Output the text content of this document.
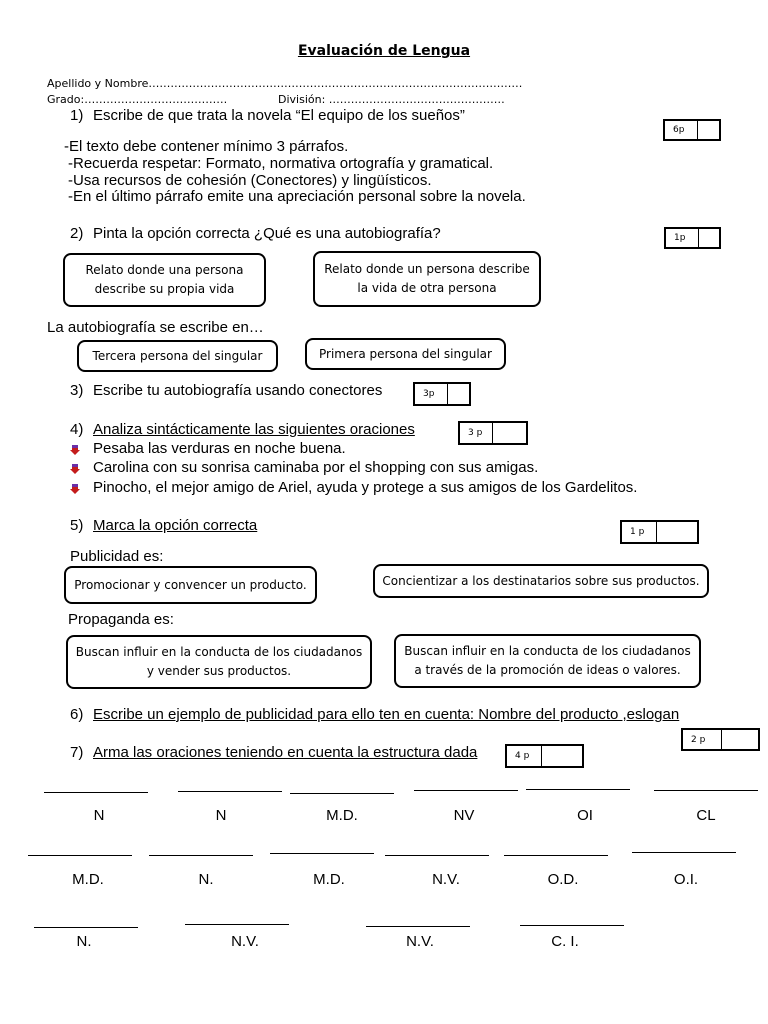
Evaluación de Lengua
Apellido y Nombre…………………………………………………………………………………………
Grado:…………………………………	División: …………………………………………
1) Escribe de que trata la novela “El equipo de los sueños”
6p
-El texto debe contener mínimo 3 párrafos.
-Recuerda respetar: Formato, normativa ortografía y gramatical.
-Usa recursos de cohesión (Conectores) y lingüísticos.
-En el último párrafo emite una apreciación personal sobre la novela.
2) Pinta la opción correcta ¿Qué es una autobiografía?	1p
Relato donde una persona describe su propia vida
Relato donde un persona describe la vida de otra persona
La autobiografía se escribe en…
Tercera persona del singular	Primera persona del singular
3) Escribe tu autobiografía usando conectores	3p
4) Analiza sintácticamente las siguientes oraciones	3 p
Pesaba las verduras en noche buena.
Carolina con su sonrisa caminaba por el shopping con sus amigas.
Pinocho, el mejor amigo de Ariel, ayuda y protege a sus amigos de los Gardelitos.
5) Marca la opción correcta	1 p
Publicidad es:
Promocionar y convencer un producto.	Concientizar a los destinatarios sobre sus productos.
Propaganda es:
Buscan influir en la conducta de los ciudadanos y vender sus productos.
Buscan influir en la conducta de los ciudadanos a través de la promoción de ideas o valores.
6) Escribe un ejemplo de publicidad para ello ten en cuenta: Nombre del producto ,eslogan
2 p
7) Arma las oraciones teniendo en cuenta la estructura dada	4 p
N	N	M.D.	NV	OI	CL
M.D.	N.	M.D.	N.V.	O.D.	O.I.
N.	N.V.	N.V.	C. I.
